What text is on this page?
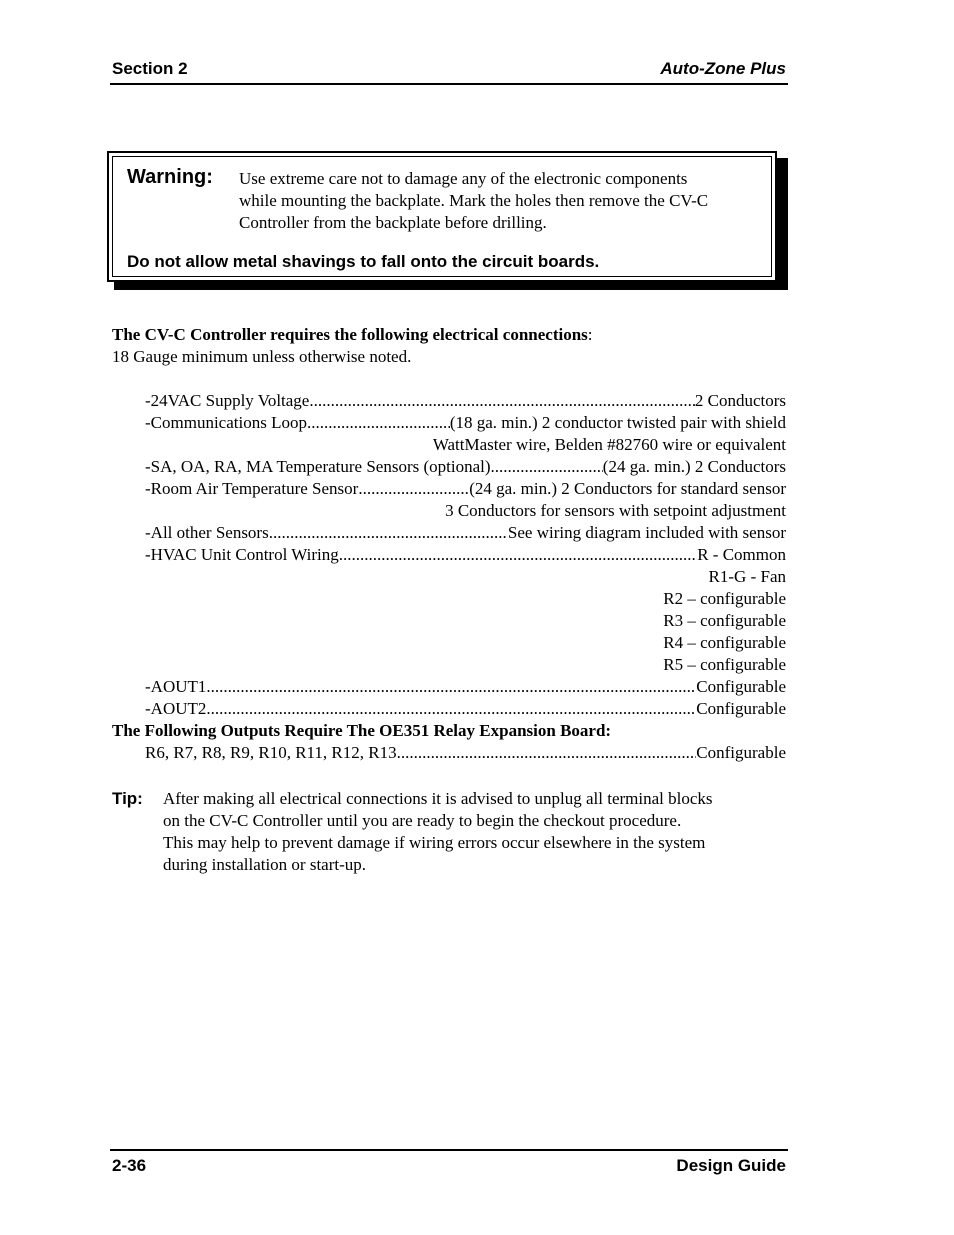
Section 2	Auto-Zone Plus
Warning: Use extreme care not to damage any of the electronic components
while mounting the backplate. Mark the holes then remove the CV-C
Controller from the backplate before drilling.
Do not allow metal shavings to fall onto the circuit boards.
The CV-C Controller requires the following electrical connections:
18 Gauge minimum unless otherwise noted.
-24VAC Supply Voltage .....	2 Conductors
-Communications Loop .....	(18 ga. min.) 2 conductor twisted pair with shield
WattMaster wire, Belden #82760 wire or equivalent
-SA, OA, RA, MA Temperature Sensors (optional) .....	(24 ga. min.) 2 Conductors
-Room Air Temperature Sensor .....	(24 ga. min.) 2 Conductors for standard sensor
3 Conductors for sensors with setpoint adjustment
-All other Sensors .....	See wiring diagram included with sensor
-HVAC Unit Control Wiring .....	R - Common
R1-G - Fan
R2 – configurable
R3 – configurable
R4 – configurable
R5 – configurable
-AOUT1 .....	Configurable
-AOUT2 .....	Configurable
The Following Outputs Require The OE351 Relay Expansion Board:
R6, R7, R8, R9, R10, R11, R12, R13 .....	Configurable
Tip: After making all electrical connections it is advised to unplug all terminal blocks
on the CV-C Controller until you are ready to begin the checkout procedure.
This may help to prevent damage if wiring errors occur elsewhere in the system
during installation or start-up.
2-36	Design Guide
